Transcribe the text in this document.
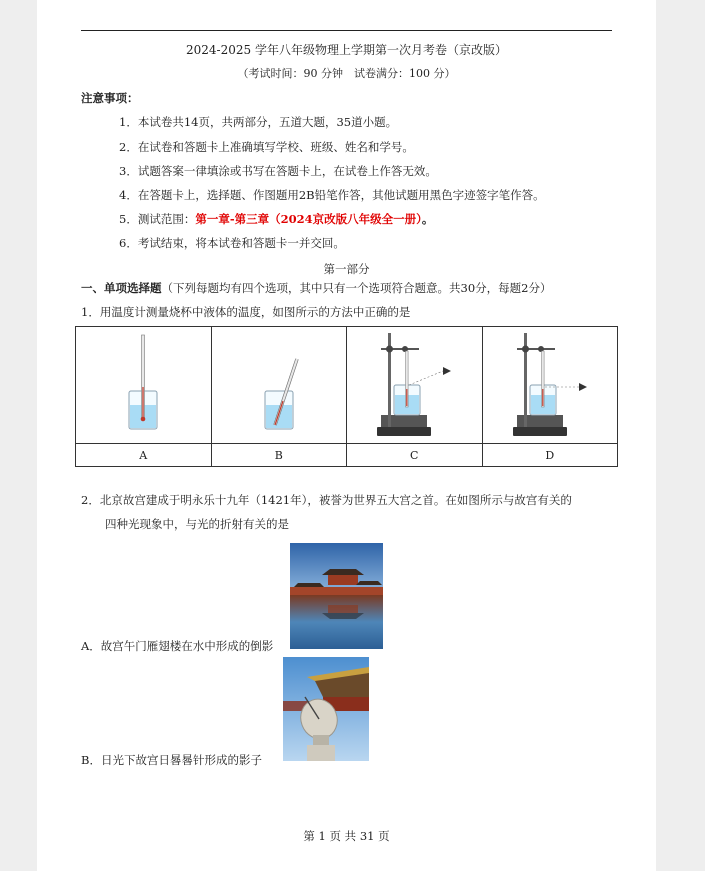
2024-2025 学年八年级物理上学期第一次月考卷（京改版）
（考试时间：90 分钟　试卷满分：100 分）
注意事项：
1．本试卷共14页，共两部分，五道大题，35道小题。
2．在试卷和答题卡上准确填写学校、班级、姓名和学号。
3．试题答案一律填涂或书写在答题卡上，在试卷上作答无效。
4．在答题卡上，选择题、作图题用2B铅笔作答，其他试题用黑色字迹签字笔作答。
5．测试范围：第一章-第三章（2024京改版八年级全一册）。
6．考试结束，将本试卷和答题卡一并交回。
第一部分
一、单项选择题（下列每题均有四个选项，其中只有一个选项符合题意。共30分，每题2分）
1．用温度计测量烧杯中液体的温度，如图所示的方法中正确的是

A	B	C	D
2．北京故宫建成于明永乐十九年（1421年），被誉为世界五大宫之首。在如图所示与故宫有关的
四种光现象中，与光的折射有关的是
A．故宫午门雁翅楼在水中形成的倒影
B．日光下故宫日晷晷针形成的影子
第 1 页 共 31 页
